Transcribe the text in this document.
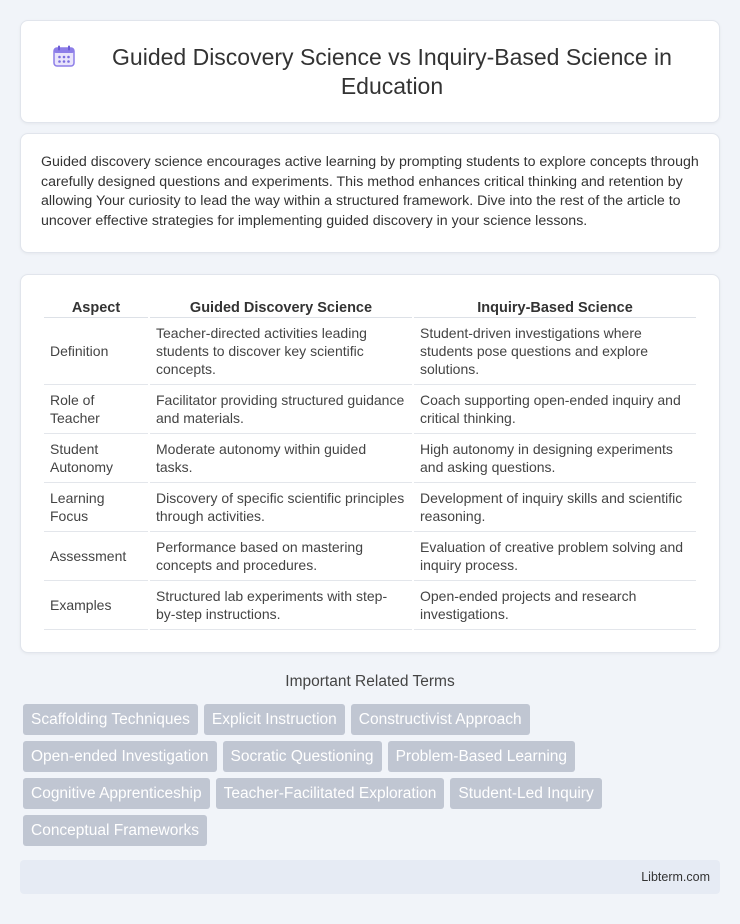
Guided Discovery Science vs Inquiry-Based Science in Education

Guided discovery science encourages active learning by prompting students to explore concepts through carefully designed questions and experiments. This method enhances critical thinking and retention by allowing Your curiosity to lead the way within a structured framework. Dive into the rest of the article to uncover effective strategies for implementing guided discovery in your science lessons.

Aspect	Guided Discovery Science	Inquiry-Based Science
Definition	Teacher-directed activities leading students to discover key scientific concepts.	Student-driven investigations where students pose questions and explore solutions.
Role of Teacher	Facilitator providing structured guidance and materials.	Coach supporting open-ended inquiry and critical thinking.
Student Autonomy	Moderate autonomy within guided tasks.	High autonomy in designing experiments and asking questions.
Learning Focus	Discovery of specific scientific principles through activities.	Development of inquiry skills and scientific reasoning.
Assessment	Performance based on mastering concepts and procedures.	Evaluation of creative problem solving and inquiry process.
Examples	Structured lab experiments with step-by-step instructions.	Open-ended projects and research investigations.
Important Related Terms
Scaffolding Techniques	Explicit Instruction	Constructivist Approach
Open-ended Investigation	Socratic Questioning	Problem-Based Learning
Cognitive Apprenticeship	Teacher-Facilitated Exploration	Student-Led Inquiry
Conceptual Frameworks
Libterm.com
